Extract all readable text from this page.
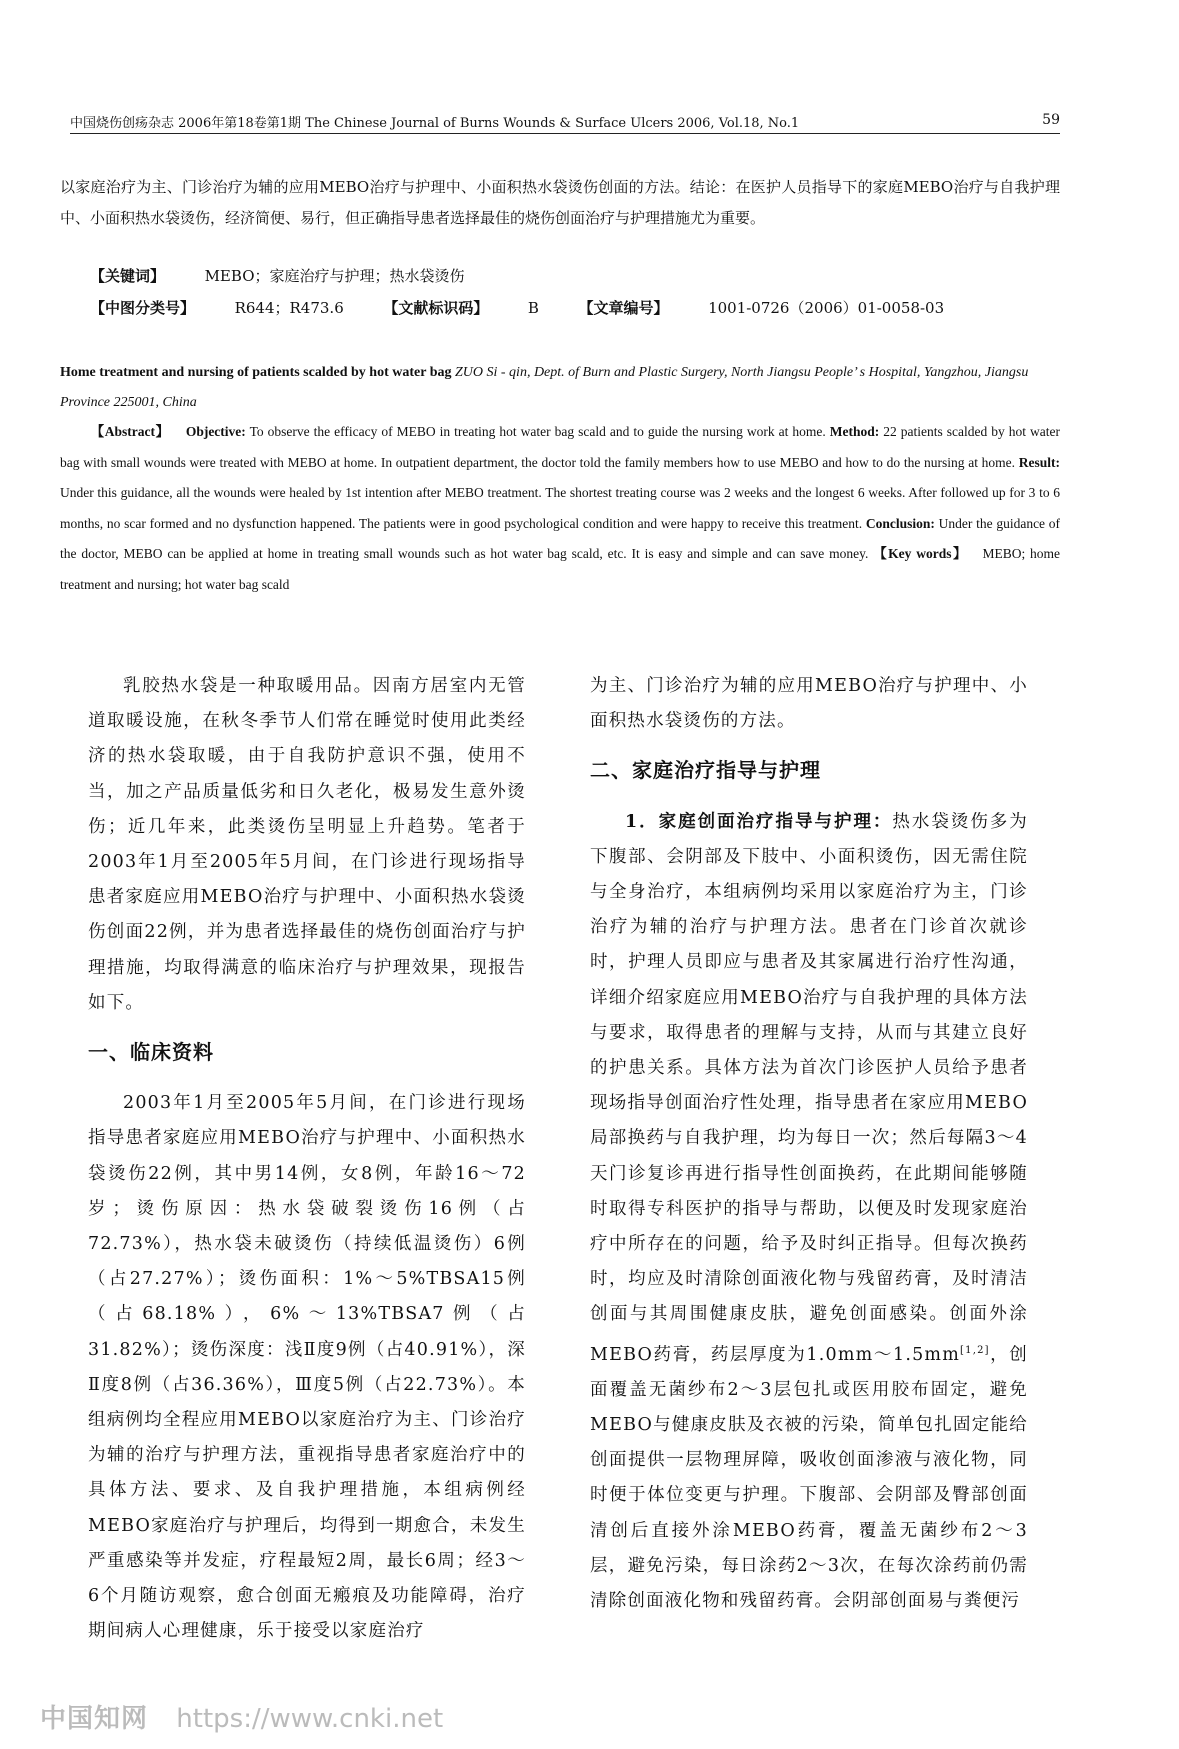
中国烧伤创疡杂志 2006年第18卷第1期 The Chinese Journal of Burns Wounds & Surface Ulcers 2006, Vol.18, No.1	59
以家庭治疗为主、门诊治疗为辅的应用MEBO治疗与护理中、小面积热水袋烫伤创面的方法。结论：在医护人员指导下的家庭MEBO治疗与自我护理中、小面积热水袋烫伤，经济简便、易行，但正确指导患者选择最佳的烧伤创面治疗与护理措施尤为重要。
【关键词】	MEBO；家庭治疗与护理；热水袋烫伤
【中图分类号】	R644；R473.6	【文献标识码】	B	【文章编号】	1001-0726（2006）01-0058-03
Home treatment and nursing of patients scalded by hot water bag ZUO Si - qin, Dept. of Burn and Plastic Surgery, North Jiangsu People’ s Hospital, Yangzhou, Jiangsu Province 225001, China
【Abstract】 Objective: To observe the efficacy of MEBO in treating hot water bag scald and to guide the nursing work at home. Method: 22 patients scalded by hot water bag with small wounds were treated with MEBO at home. In outpatient department, the doctor told the family members how to use MEBO and how to do the nursing at home. Result: Under this guidance, all the wounds were healed by 1st intention after MEBO treatment. The shortest treating course was 2 weeks and the longest 6 weeks. After followed up for 3 to 6 months, no scar formed and no dysfunction happened. The patients were in good psychological condition and were happy to receive this treatment. Conclusion: Under the guidance of the doctor, MEBO can be applied at home in treating small wounds such as hot water bag scald, etc. It is easy and simple and can save money. 【Key words】 MEBO; home treatment and nursing; hot water bag scald

乳胶热水袋是一种取暖用品。因南方居室内无管道取暖设施，在秋冬季节人们常在睡觉时使用此类经济的热水袋取暖，由于自我防护意识不强，使用不当，加之产品质量低劣和日久老化，极易发生意外烫伤；近几年来，此类烫伤呈明显上升趋势。笔者于2003年1月至2005年5月间，在门诊进行现场指导患者家庭应用MEBO治疗与护理中、小面积热水袋烫伤创面22例，并为患者选择最佳的烧伤创面治疗与护理措施，均取得满意的临床治疗与护理效果，现报告如下。

一、临床资料

2003年1月至2005年5月间，在门诊进行现场指导患者家庭应用MEBO治疗与护理中、小面积热水袋烫伤22例，其中男14例，女8例，年龄16～72岁；烫伤原因：热水袋破裂烫伤16例（占72.73%），热水袋未破烫伤（持续低温烫伤）6例（占27.27%）；烫伤面积：1%～5%TBSA15例（占68.18%），6%～13%TBSA7例（占31.82%）；烫伤深度：浅Ⅱ度9例（占40.91%），深Ⅱ度8例（占36.36%），Ⅲ度5例（占22.73%）。本组病例均全程应用MEBO以家庭治疗为主、门诊治疗为辅的治疗与护理方法，重视指导患者家庭治疗中的具体方法、要求、及自我护理措施，本组病例经MEBO家庭治疗与护理后，均得到一期愈合，未发生严重感染等并发症，疗程最短2周，最长6周；经3～6个月随访观察，愈合创面无瘢痕及功能障碍，治疗期间病人心理健康，乐于接受以家庭治疗

为主、门诊治疗为辅的应用MEBO治疗与护理中、小面积热水袋烫伤的方法。

二、家庭治疗指导与护理

1．家庭创面治疗指导与护理：热水袋烫伤多为下腹部、会阴部及下肢中、小面积烫伤，因无需住院与全身治疗，本组病例均采用以家庭治疗为主，门诊治疗为辅的治疗与护理方法。患者在门诊首次就诊时，护理人员即应与患者及其家属进行治疗性沟通，详细介绍家庭应用MEBO治疗与自我护理的具体方法与要求，取得患者的理解与支持，从而与其建立良好的护患关系。具体方法为首次门诊医护人员给予患者现场指导创面治疗性处理，指导患者在家应用MEBO局部换药与自我护理，均为每日一次；然后每隔3～4天门诊复诊再进行指导性创面换药，在此期间能够随时取得专科医护的指导与帮助，以便及时发现家庭治疗中所存在的问题，给予及时纠正指导。但每次换药时，均应及时清除创面液化物与残留药膏，及时清洁创面与其周围健康皮肤，避免创面感染。创面外涂MEBO药膏，药层厚度为1.0mm～1.5mm[1,2]，创面覆盖无菌纱布2～3层包扎或医用胶布固定，避免MEBO与健康皮肤及衣被的污染，简单包扎固定能给创面提供一层物理屏障，吸收创面渗液与液化物，同时便于体位变更与护理。下腹部、会阴部及臀部创面清创后直接外涂MEBO药膏，覆盖无菌纱布2～3层，避免污染，每日涂药2～3次，在每次涂药前仍需清除创面液化物和残留药膏。会阴部创面易与粪便污

中国知网 https://www.cnki.net
